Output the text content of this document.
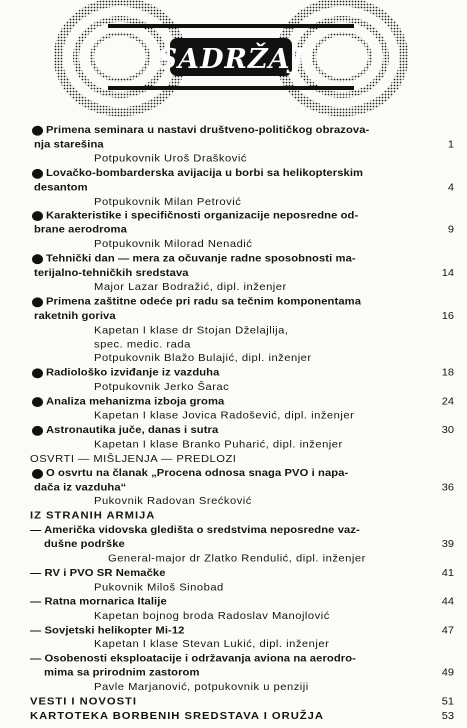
SADRŽAJ
Primena seminara u nastavi društveno-političkog obrazova-
nja starešina	1
Potpukovnik Uroš Drašković
Lovačko-bombarderska avijacija u borbi sa helikopterskim
desantom	4
Potpukovnik Milan Petrović
Karakteristike i specifičnosti organizacije neposredne od-
brane aerodroma	9
Potpukovnik Milorad Nenadić
Tehnički dan — mera za očuvanje radne sposobnosti ma-
terijalno-tehničkih sredstava	14
Major Lazar Bodražić, dipl. inženjer
Primena zaštitne odeće pri radu sa tečnim komponentama
raketnih goriva	16
Kapetan I klase dr Stojan Dželajlija,
spec. medic. rada
Potpukovnik Blažo Bulajić, dipl. inženjer
Radiološko izviđanje iz vazduha	18
Potpukovnik Jerko Šarac
Analiza mehanizma izboja groma	24
Kapetan I klase Jovica Radošević, dipl. inženjer
Astronautika juče, danas i sutra	30
Kapetan I klase Branko Puharić, dipl. inženjer
OSVRTI — MIŠLJENJA — PREDLOZI
O osvrtu na članak „Procena odnosa snaga PVO i napa-
dača iz vazduha“	36
Pukovnik Radovan Srećković
IZ STRANIH ARMIJA
— Američka vidovska gledišta o sredstvima neposredne vaz-
dušne podrške	39
General-major dr Zlatko Rendulić, dipl. inženjer
— RV i PVO SR Nemačke	41
Pukovnik Miloš Sinobad
— Ratna mornarica Italije	44
Kapetan bojnog broda Radoslav Manojlović
— Sovjetski helikopter Mi-12	47
Kapetan I klase Stevan Lukić, dipl. inženjer
— Osobenosti eksploatacije i održavanja aviona na aerodro-
mima sa prirodnim zastorom	49
Pavle Marjanović, potpukovnik u penziji
VESTI I NOVOSTI	51
KARTOTEKA BORBENIH SREDSTAVA I ORUŽJA	53
